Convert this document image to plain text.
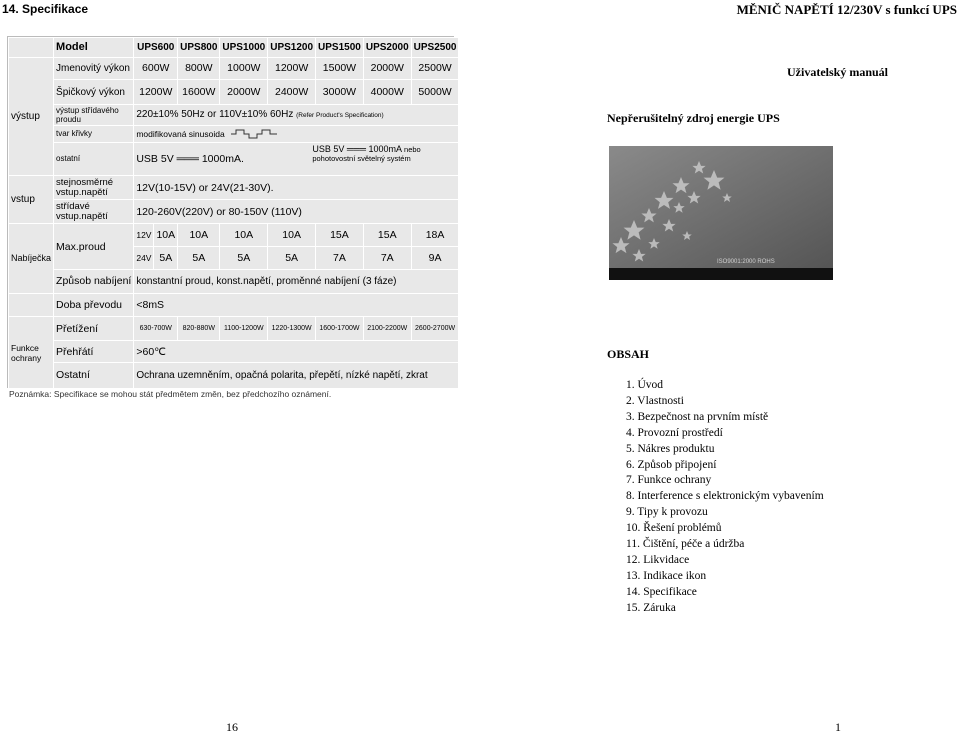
14. Specifikace	MĚNIČ NAPĚTÍ 12/230V s funkcí UPS
	Model	UPS600		UPS800	UPS1000	UPS1200	UPS1500	UPS2000	UPS2500
výstup	Jmenovitý výkon	600W		800W	1000W	1200W	1500W	2000W	2500W
	Špičkový výkon	1200W		1600W	2000W	2400W	3000W	4000W	5000W
	výstup střídavého proudu	220±10% 50Hz or 110V±10% 60Hz (Refer Product's Specification)							
	tvar křivky	modifikovaná sinusoida							
	ostatní	USB 5V ═══ 1000mA.
USB 5V ═══ 1000mA nebo
pohotovostní světelný systém							

vstup	stejnosměrné vstup.napětí	12V(10-15V) or 24V(21-30V).							
	střídavé vstup.napětí	120-260V(220V) or 80-150V (110V)							
Nabíječka	Max.proud	12V	10A	10A	10A	10A	15A	15A	18A
		24V	5A	5A	5A	5A	7A	7A	9A
	Způsob nabíjení	konstantní proud, konst.napětí, proměnné nabíjení (3 fáze)							
	Doba převodu	<8mS							
Funkce ochrany	Přetížení	630-700W		820-880W	1100-1200W	1220-1300W	1600-1700W	2100-2200W	2600-2700W
	Přehřátí	>60℃							
	Ostatní	Ochrana uzemněním, opačná polarita, přepětí, nízké napětí, zkrat							
Poznámka: Specifikace se mohou stát předmětem změn, bez předchozího oznámení.
Uživatelský manuál
Nepřerušitelný zdroj energie UPS
ISO9001:2000 ROHS
OBSAH
1. Úvod
2. Vlastnosti
3. Bezpečnost na prvním místě
4. Provozní prostředí
5. Nákres produktu
6. Způsob připojení
7. Funkce ochrany
8. Interference s elektronickým vybavením
9. Tipy k provozu
10. Řešení problémů
11. Čištění, péče a údržba
12. Likvidace
13. Indikace ikon
14. Specifikace
15. Záruka
16	1
